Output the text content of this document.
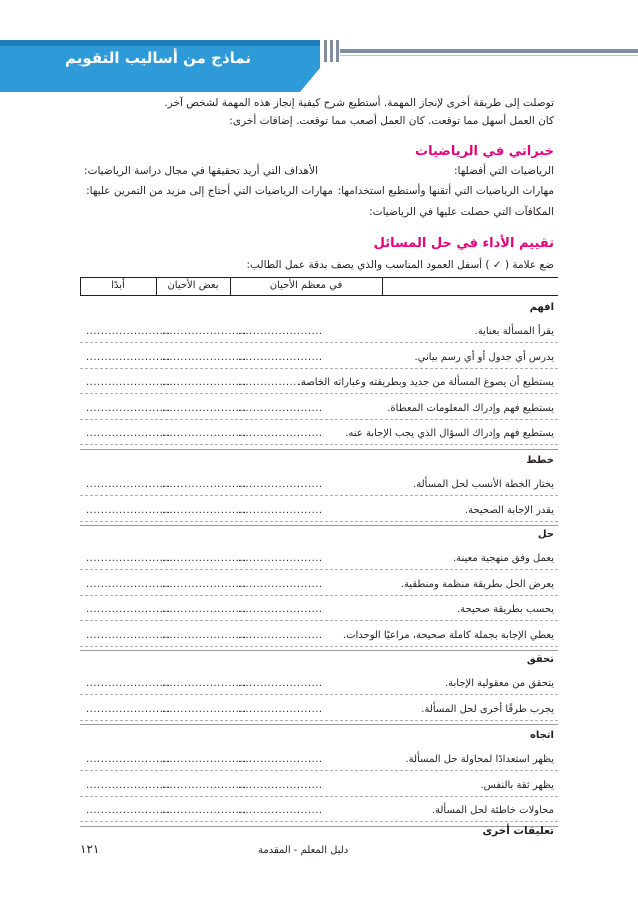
نماذج من أساليب التقويم
توصلت إلى طريقة أخرى لإنجاز المهمة. أستطيع شرح كيفية إنجاز هذه المهمة لشخص آخر.
كان العمل أسهل مما توقعت. كان العمل أصعب مما توقعت. إضافات أخرى:
خبراتي في الرياضيات
الرياضيات التي أفضلها:
الأهداف التي أريد تحقيقها في مجال دراسة الرياضيات:
مهارات الرياضيات التي أتقنها وأستطيع استخدامها:
مهارات الرياضيات التي أحتاج إلى مزيد من التمرين عليها:
المكافآت التي حصلت عليها في الرياضيات:
تقييم الأداء في حل المسائل
ضع علامة ( ✓ ) أسفل العمود المناسب والذي يصف بدقة عمل الطالب:
في معظم الأحيان
بعض الأحيان
أبدًا
افهم
يقرأ المسألة بعناية.
.......................
.......................
.......................
يدرس أي جدول أو أي رسم بياني.
.......................
.......................
.......................
يستطيع أن يصوغ المسألة من جديد وبطريقته وعباراته الخاصة.
.......................
.......................
.......................
يستطيع فهم وإدراك المعلومات المعطاة.
.......................
.......................
.......................
يستطيع فهم وإدراك السؤال الذي يجب الإجابة عنه.
.......................
.......................
.......................
خطط
يختار الخطة الأنسب لحل المسألة.
.......................
.......................
.......................
يقدر الإجابة الصحيحة.
.......................
.......................
.......................
حل
يعمل وفق منهجية معينة.
.......................
.......................
.......................
يعرض الحل بطريقة منظمة ومنطقية.
.......................
.......................
.......................
يحسب بطريقة صحيحة.
.......................
.......................
.......................
يعطي الإجابة بجملة كاملة صحيحة، مراعيًا الوحدات.
.......................
.......................
.......................
تحقق
يتحقق من معقولية الإجابة.
.......................
.......................
.......................
يجرب طرقًا أخرى لحل المسألة.
.......................
.......................
.......................
اتجاه
يظهر استعدادًا لمحاولة حل المسألة.
.......................
.......................
.......................
يظهر ثقة بالنفس.
.......................
.......................
.......................
محاولات خاطئة لحل المسألة.
.......................
.......................
.......................
تعليقات أخرى
١٢١	دليل المعلم - المقدمة
